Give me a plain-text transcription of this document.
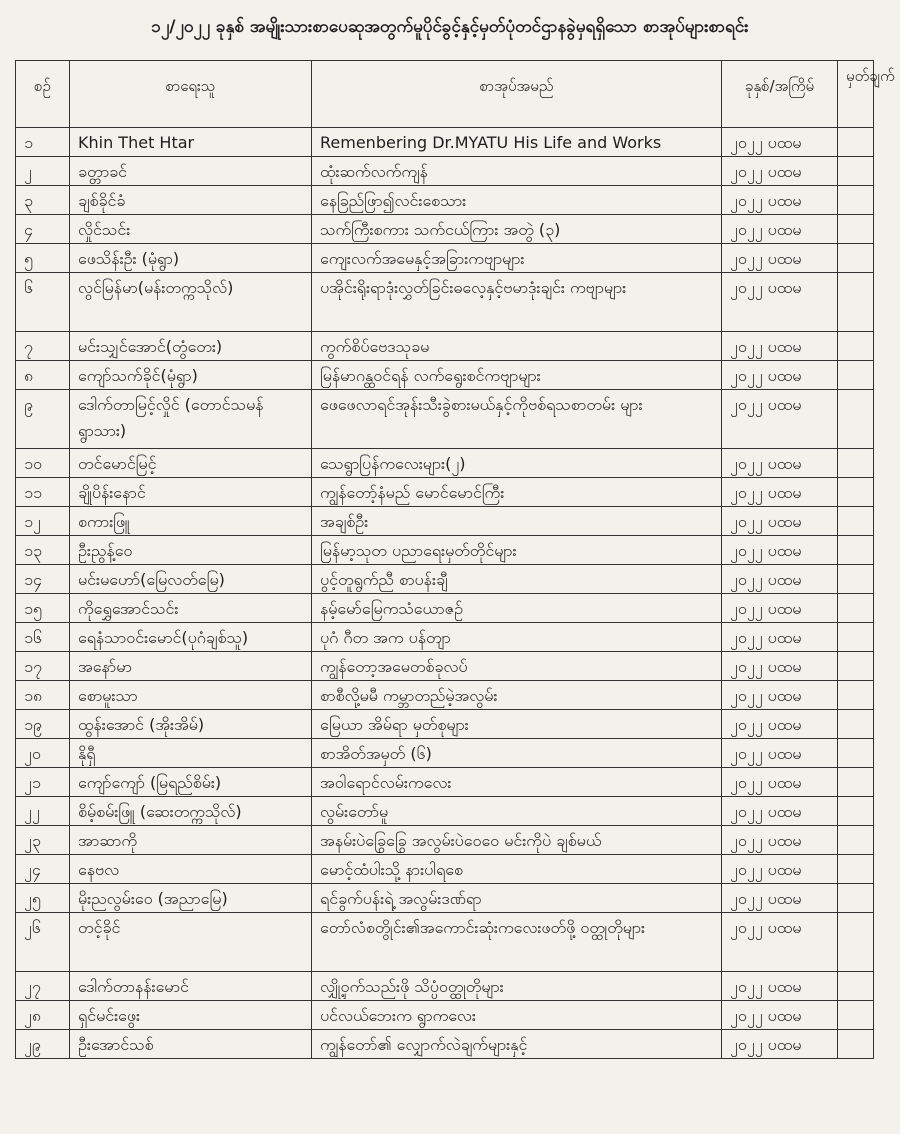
၁၂/၂၀၂၂ ခုနှစ် အမျိုးသားစာပေဆုအတွက်မူပိုင်ခွင့်နှင့်မှတ်ပုံတင်ဌာနခွဲမှရရှိသော စာအုပ်များစာရင်း
စဉ်	စာရေးသူ	စာအုပ်အမည်	ခုနှစ်/အကြိမ်	မှတ်ချက်
၁	Khin Thet Htar	Remenbering Dr.MYATU His Life and Works	၂၀၂၂ ပထမ	
၂	ခတ္တာခင်	ထုံးဆက်လက်ကျန်	၂၀၂၂ ပထမ	
၃	ချစ်ခိုင်ခံ	နေခြည်ဖြာ၍လင်းစေသား	၂၀၂၂ ပထမ	
၄	လှိုင်သင်း	သက်ကြီးစကား သက်ငယ်ကြား အတွဲ (၃)	၂၀၂၂ ပထမ	
၅	ဖေသိန်းဦး (မုံရွာ)	ကျေးလက်အမေနှင့်အခြားကဗျာများ	၂၀၂၂ ပထမ	
၆	လွင်မြန်မာ(မန်းတက္ကသိုလ်)	ပအိုင်းရိုးရာဒုံးလွှတ်ခြင်းဓလေ့နှင့်ဗမာဒုံးချင်း ကဗျာများ	၂၀၂၂ ပထမ	
၇	မင်းသျှင်အောင်(တွံတေး)	ကွက်စိပ်ဗေဒသုခမ	၂၀၂၂ ပထမ	
၈	ကျော်သက်ခိုင်(မုံရွာ)	မြန်မာဂန္ထဝင်ရန် လက်ရွေးစင်ကဗျာများ	၂၀၂၂ ပထမ	
၉	ဒေါက်တာမြင့်လှိုင် (တောင်သမန်ရွာသား)	ဖေဖေလာရင်အုန်းသီးခွဲစားမယ်နှင့်ကိုဗစ်ရသစာတမ်း များ	၂၀၂၂ ပထမ	
၁၀	တင်မောင်မြင့်	သေရွာပြန်ကလေးများ(၂)	၂၀၂၂ ပထမ	
၁၁	ချိုပိန်းနောင်	ကျွန်တော့်နံမည် မောင်မောင်ကြီး	၂၀၂၂ ပထမ	
၁၂	စကားဖြူ	အချစ်ဦး	၂၀၂၂ ပထမ	
၁၃	ဦးညွန့်ဝေ	မြန်မာ့သုတ ပညာရေးမှတ်တိုင်များ	၂၀၂၂ ပထမ	
၁၄	မင်းမဟော်(မြေလတ်မြေ)	ပွင့်တူရွက်ညီ စာပန်းချီ	၂၀၂၂ ပထမ	
၁၅	ကိုရွှေအောင်သင်း	နမ့်မော်မြေကသံယောဇဉ်	၂၀၂၂ ပထမ	
၁၆	ရေနံသာဝင်းမောင်(ပုဂံချစ်သူ)	ပုဂံ ဂီတ အက ပန်တျာ	၂၀၂၂ ပထမ	
၁၇	အနော်မာ	ကျွန်တော့အမေတစ်ခုလပ်	၂၀၂၂ ပထမ	
၁၈	စောမူးသာ	စာစီလို့မမီ ကမ္ဘာတည်မဲ့အလွမ်း	၂၀၂၂ ပထမ	
၁၉	ထွန်းအောင် (အိုးအိမ်)	မြေယာ အိမ်ရာ မှတ်စုများ	၂၀၂၂ ပထမ	
၂၀	နိုရှီ	စာအိတ်အမှတ် (၆)	၂၀၂၂ ပထမ	
၂၁	ကျော်ကျော် (မြရည်စိမ်း)	အဝါရောင်လမ်းကလေး	၂၀၂၂ ပထမ	
၂၂	စိမ့်စမ်းဖြူ (ဆေးတက္ကသိုလ်)	လွမ်းတော်မူ	၂၀၂၂ ပထမ	
၂၃	အာဆာကို	အနမ်းပဲခြွေခြွေ အလွမ်းပဲဝေဝေ မင်းကိုပဲ ချစ်မယ်	၂၀၂၂ ပထမ	
၂၄	နေဗလ	မောင့်ထံပါးသို့ နားပါရစေ	၂၀၂၂ ပထမ	
၂၅	မိုးညလွမ်းဝေ (အညာမြေ)	ရင်ခွက်ပန်းရဲ့ အလွမ်းဒဏ်ရာ	၂၀၂၂ ပထမ	
၂၆	တင့်ခိုင်	တော်လံစတွိုင်း၏အကောင်းဆုံးကလေးဖတ်ဖို့ ဝတ္ထုတိုများ	၂၀၂၂ ပထမ	
၂၇	ဒေါက်တာနန်းမောင်	လျှို့ဝှက်သည်းဖို သိပ္ပံဝတ္ထုတိုများ	၂၀၂၂ ပထမ	
၂၈	ရှင်မင်းဖွေး	ပင်လယ်ဘေးက ရွာကလေး	၂၀၂၂ ပထမ	
၂၉	ဦးအောင်သစ်	ကျွန်တော်၏ လျှောက်လဲချက်များနှင့်	၂၀၂၂ ပထမ	
